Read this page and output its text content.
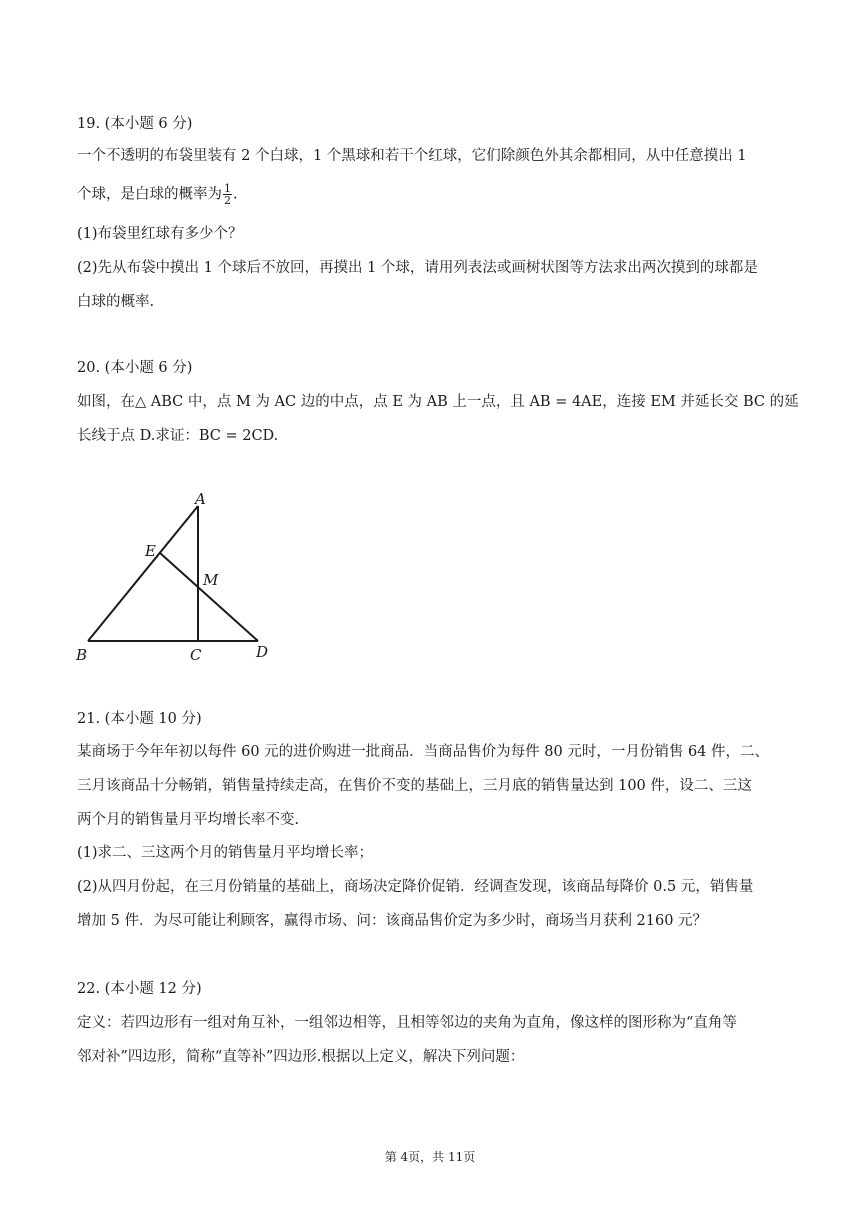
19. (本小题 6 分)
一个不透明的布袋里装有 2 个白球，1 个黑球和若干个红球，它们除颜色外其余都相同，从中任意摸出 1
个球，是白球的概率为 $\frac{1}{2}$ .
(1)布袋里红球有多少个？
(2)先从布袋中摸出 1 个球后不放回，再摸出 1 个球，请用列表法或画树状图等方法求出两次摸到的球都是
白球的概率.
20. (本小题 6 分)
如图，在△ ABC 中，点 M 为 AC 边的中点，点 E 为 AB 上一点，且 AB = 4AE，连接 EM 并延长交 BC 的延
长线于点 D.求证：BC = 2CD.
A
E
M
B	C	D
21. (本小题 10 分)
某商场于今年年初以每件 60 元的进价购进一批商品．当商品售价为每件 80 元时，一月份销售 64 件，二、
三月该商品十分畅销，销售量持续走高，在售价不变的基础上，三月底的销售量达到 100 件，设二、三这
两个月的销售量月平均增长率不变.
(1)求二、三这两个月的销售量月平均增长率；
(2)从四月份起，在三月份销量的基础上，商场决定降价促销．经调查发现，该商品每降价 0.5 元，销售量
增加 5 件．为尽可能让利顾客，赢得市场、问：该商品售价定为多少时，商场当月获利 2160 元？
22. (本小题 12 分)
定义：若四边形有一组对角互补，一组邻边相等，且相等邻边的夹角为直角，像这样的图形称为“直角等
邻对补”四边形，简称“直等补”四边形.根据以上定义，解决下列问题：
第 4页，共 11页
